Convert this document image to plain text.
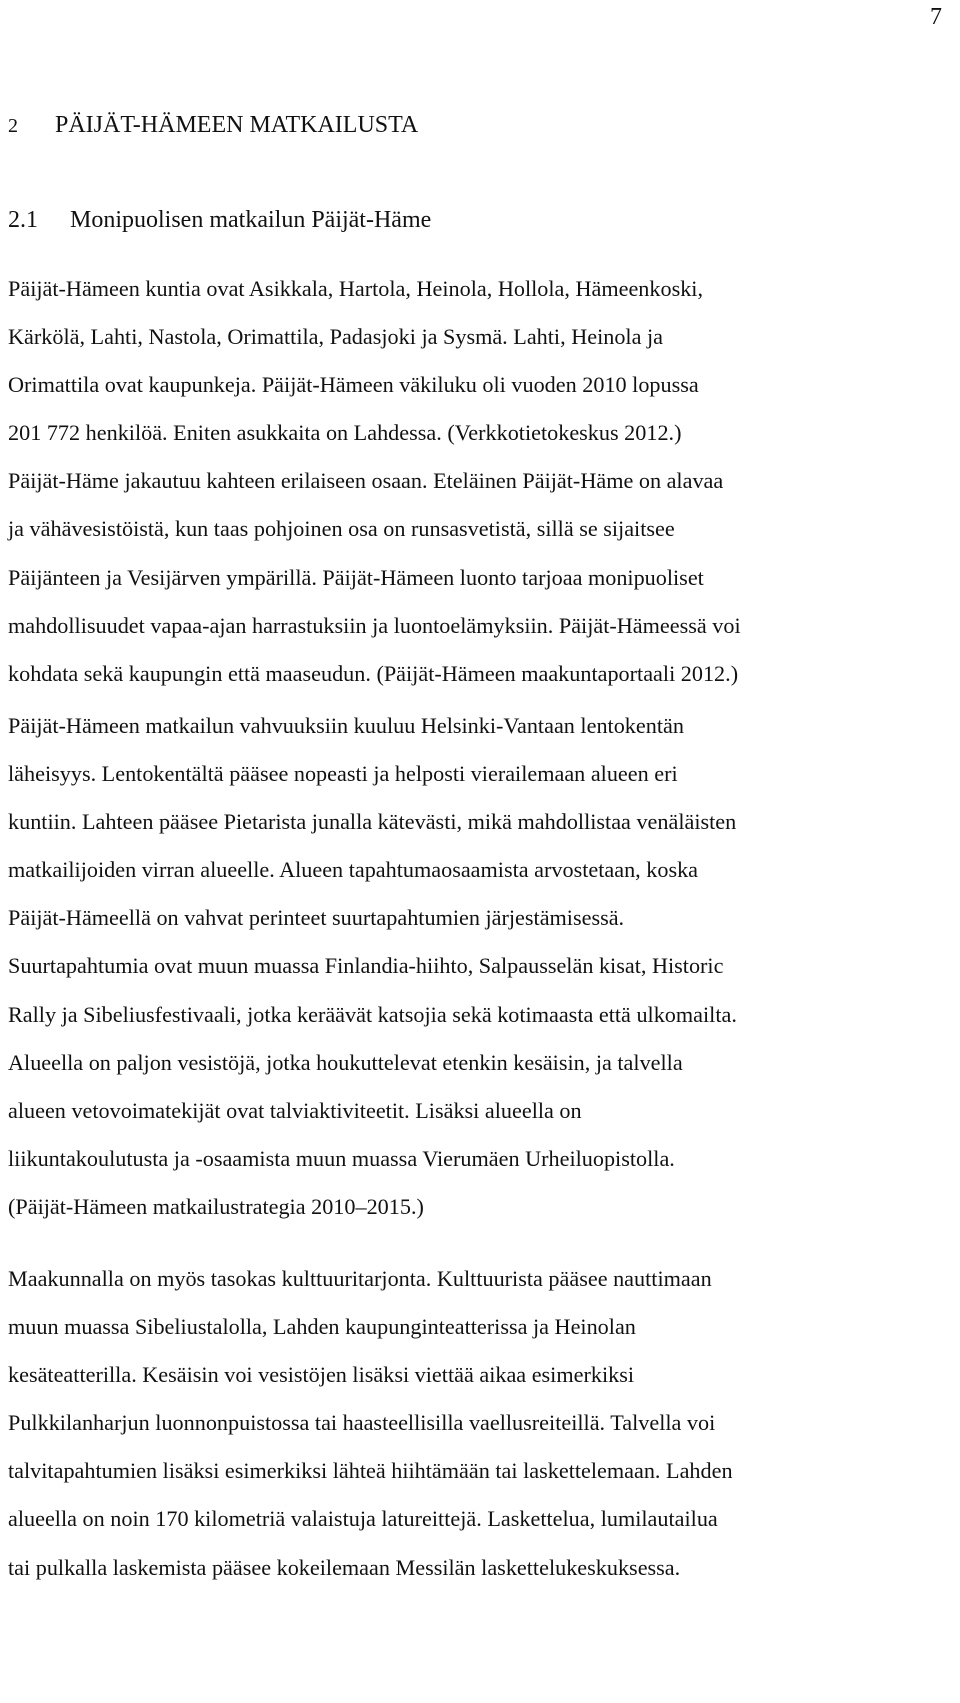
7
2 PÄIJÄT-HÄMEEN MATKAILUSTA
2.1 Monipuolisen matkailun Päijät-Häme
Päijät-Hämeen kuntia ovat Asikkala, Hartola, Heinola, Hollola, Hämeenkoski,
Kärkölä, Lahti, Nastola, Orimattila, Padasjoki ja Sysmä. Lahti, Heinola ja
Orimattila ovat kaupunkeja. Päijät-Hämeen väkiluku oli vuoden 2010 lopussa
201 772 henkilöä. Eniten asukkaita on Lahdessa. (Verkkotietokeskus 2012.)
Päijät-Häme jakautuu kahteen erilaiseen osaan. Eteläinen Päijät-Häme on alavaa
ja vähävesistöistä, kun taas pohjoinen osa on runsasvetistä, sillä se sijaitsee
Päijänteen ja Vesijärven ympärillä. Päijät-Hämeen luonto tarjoaa monipuoliset
mahdollisuudet vapaa-ajan harrastuksiin ja luontoelämyksiin. Päijät-Hämeessä voi
kohdata sekä kaupungin että maaseudun. (Päijät-Hämeen maakuntaportaali 2012.)
Päijät-Hämeen matkailun vahvuuksiin kuuluu Helsinki-Vantaan lentokentän
läheisyys. Lentokentältä pääsee nopeasti ja helposti vierailemaan alueen eri
kuntiin. Lahteen pääsee Pietarista junalla kätevästi, mikä mahdollistaa venäläisten
matkailijoiden virran alueelle. Alueen tapahtumaosaamista arvostetaan, koska
Päijät-Hämeellä on vahvat perinteet suurtapahtumien järjestämisessä.
Suurtapahtumia ovat muun muassa Finlandia-hiihto, Salpausselän kisat, Historic
Rally ja Sibeliusfestivaali, jotka keräävät katsojia sekä kotimaasta että ulkomailta.
Alueella on paljon vesistöjä, jotka houkuttelevat etenkin kesäisin, ja talvella
alueen vetovoimatekijät ovat talviaktiviteetit. Lisäksi alueella on
liikuntakoulutusta ja -osaamista muun muassa Vierumäen Urheiluopistolla.
(Päijät-Hämeen matkailustrategia 2010–2015.)
Maakunnalla on myös tasokas kulttuuritarjonta. Kulttuurista pääsee nauttimaan
muun muassa Sibeliustalolla, Lahden kaupunginteatterissa ja Heinolan
kesäteatterilla. Kesäisin voi vesistöjen lisäksi viettää aikaa esimerkiksi
Pulkkilanharjun luonnonpuistossa tai haasteellisilla vaellusreiteillä. Talvella voi
talvitapahtumien lisäksi esimerkiksi lähteä hiihtämään tai laskettelemaan. Lahden
alueella on noin 170 kilometriä valaistuja latureittejä. Laskettelua, lumilautailua
tai pulkalla laskemista pääsee kokeilemaan Messilän laskettelukeskuksessa.
